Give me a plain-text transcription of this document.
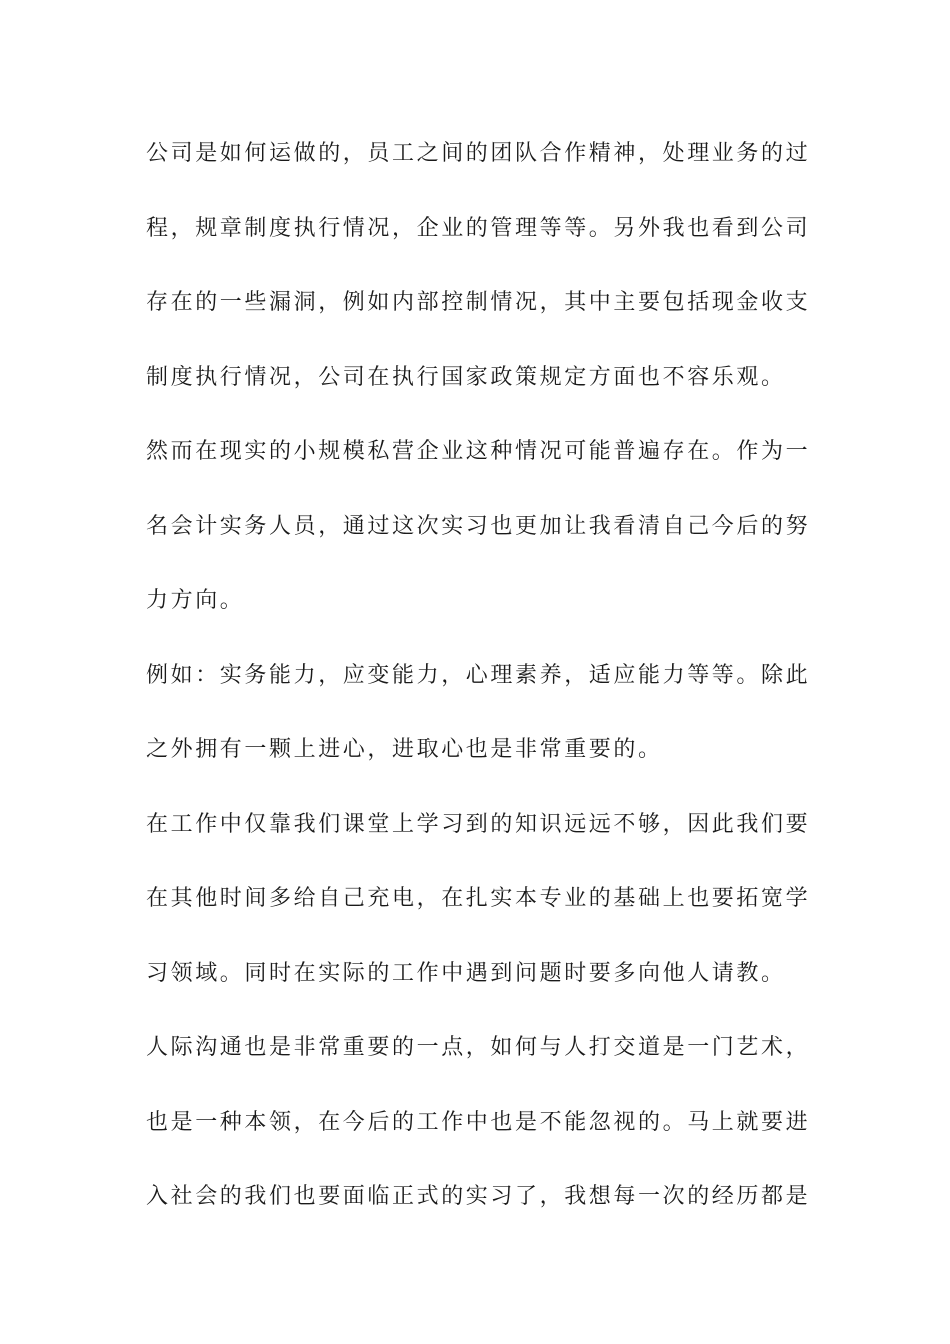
公司是如何运做的，员工之间的团队合作精神，处理业务的过
程，规章制度执行情况，企业的管理等等。另外我也看到公司
存在的一些漏洞，例如内部控制情况，其中主要包括现金收支
制度执行情况，公司在执行国家政策规定方面也不容乐观。
然而在现实的小规模私营企业这种情况可能普遍存在。作为一
名会计实务人员，通过这次实习也更加让我看清自己今后的努
力方向。
例如：实务能力，应变能力，心理素养，适应能力等等。除此
之外拥有一颗上进心，进取心也是非常重要的。
在工作中仅靠我们课堂上学习到的知识远远不够，因此我们要
在其他时间多给自己充电，在扎实本专业的基础上也要拓宽学
习领域。同时在实际的工作中遇到问题时要多向他人请教。
人际沟通也是非常重要的一点，如何与人打交道是一门艺术，
也是一种本领，在今后的工作中也是不能忽视的。马上就要进
入社会的我们也要面临正式的实习了，我想每一次的经历都是
